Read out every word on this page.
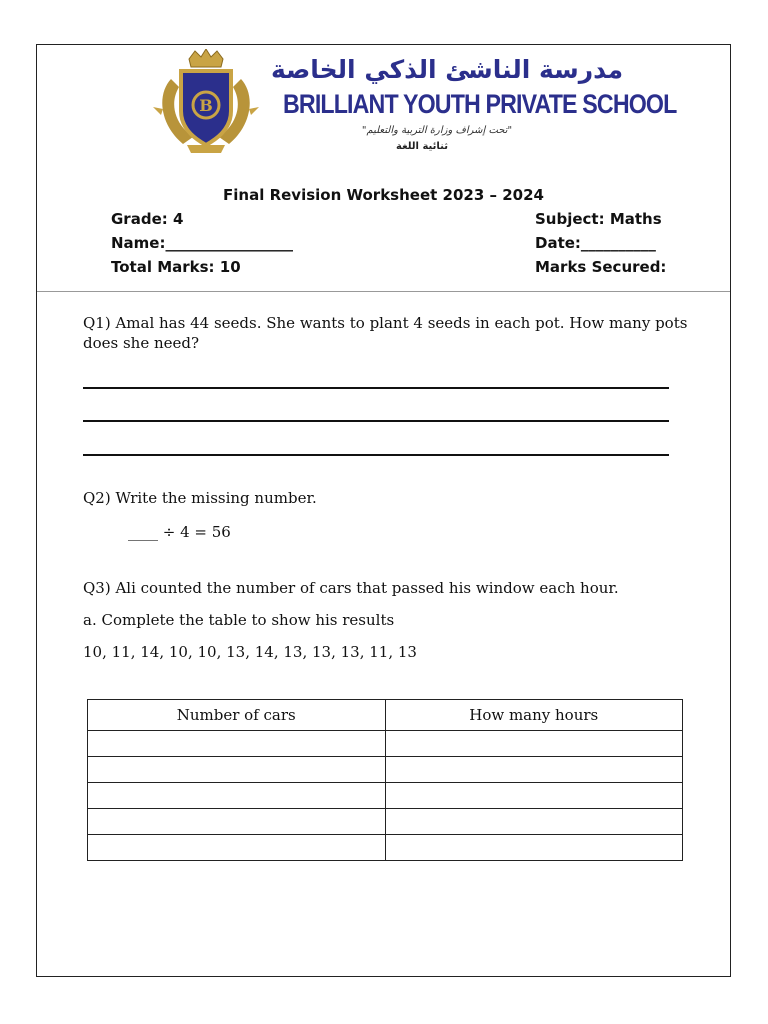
B
مدرسة الناشئ الذكي الخاصة
BRILLIANT YOUTH PRIVATE SCHOOL
"تحت إشراف وزارة التربية والتعليم"
ثنائية اللغة
Final Revision Worksheet 2023 – 2024
Grade: 4	Subject: Maths
Name:_________________	Date:__________
Total Marks: 10	Marks Secured:
Q1) Amal has 44 seeds. She wants to plant 4 seeds in each pot. How many pots
does she need?
Q2) Write the missing number.
____ ÷ 4 = 56
Q3) Ali counted the number of cars that passed his window each hour.
a. Complete the table to show his results
10, 11, 14, 10, 10, 13, 14, 13, 13, 13, 11, 13
Number of cars	How many hours
